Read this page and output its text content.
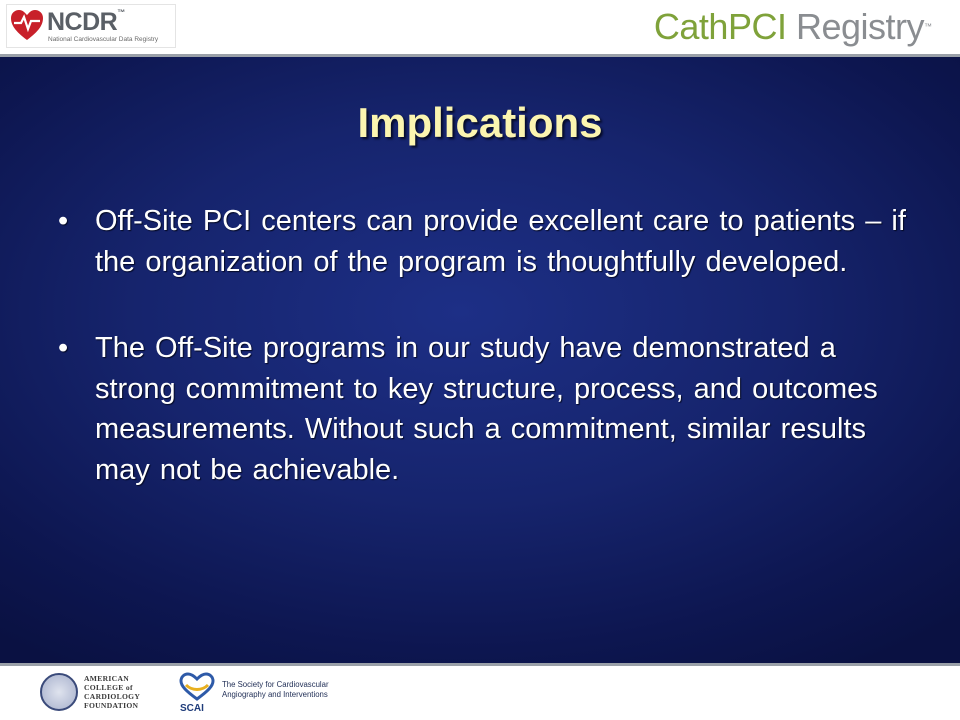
NCDR™
National Cardiovascular Data Registry	CathPCI Registry ™
Implications
• Off-Site PCI centers can provide excellent care to patients – if the organization of the program is thoughtfully developed.
• The Off-Site programs in our study have demonstrated a strong commitment to key structure, process, and outcomes measurements. Without such a commitment, similar results may not be achievable.
AMERICAN
COLLEGE of
CARDIOLOGY
FOUNDATION	SCAI
The Society for Cardiovascular
Angiography and Interventions
